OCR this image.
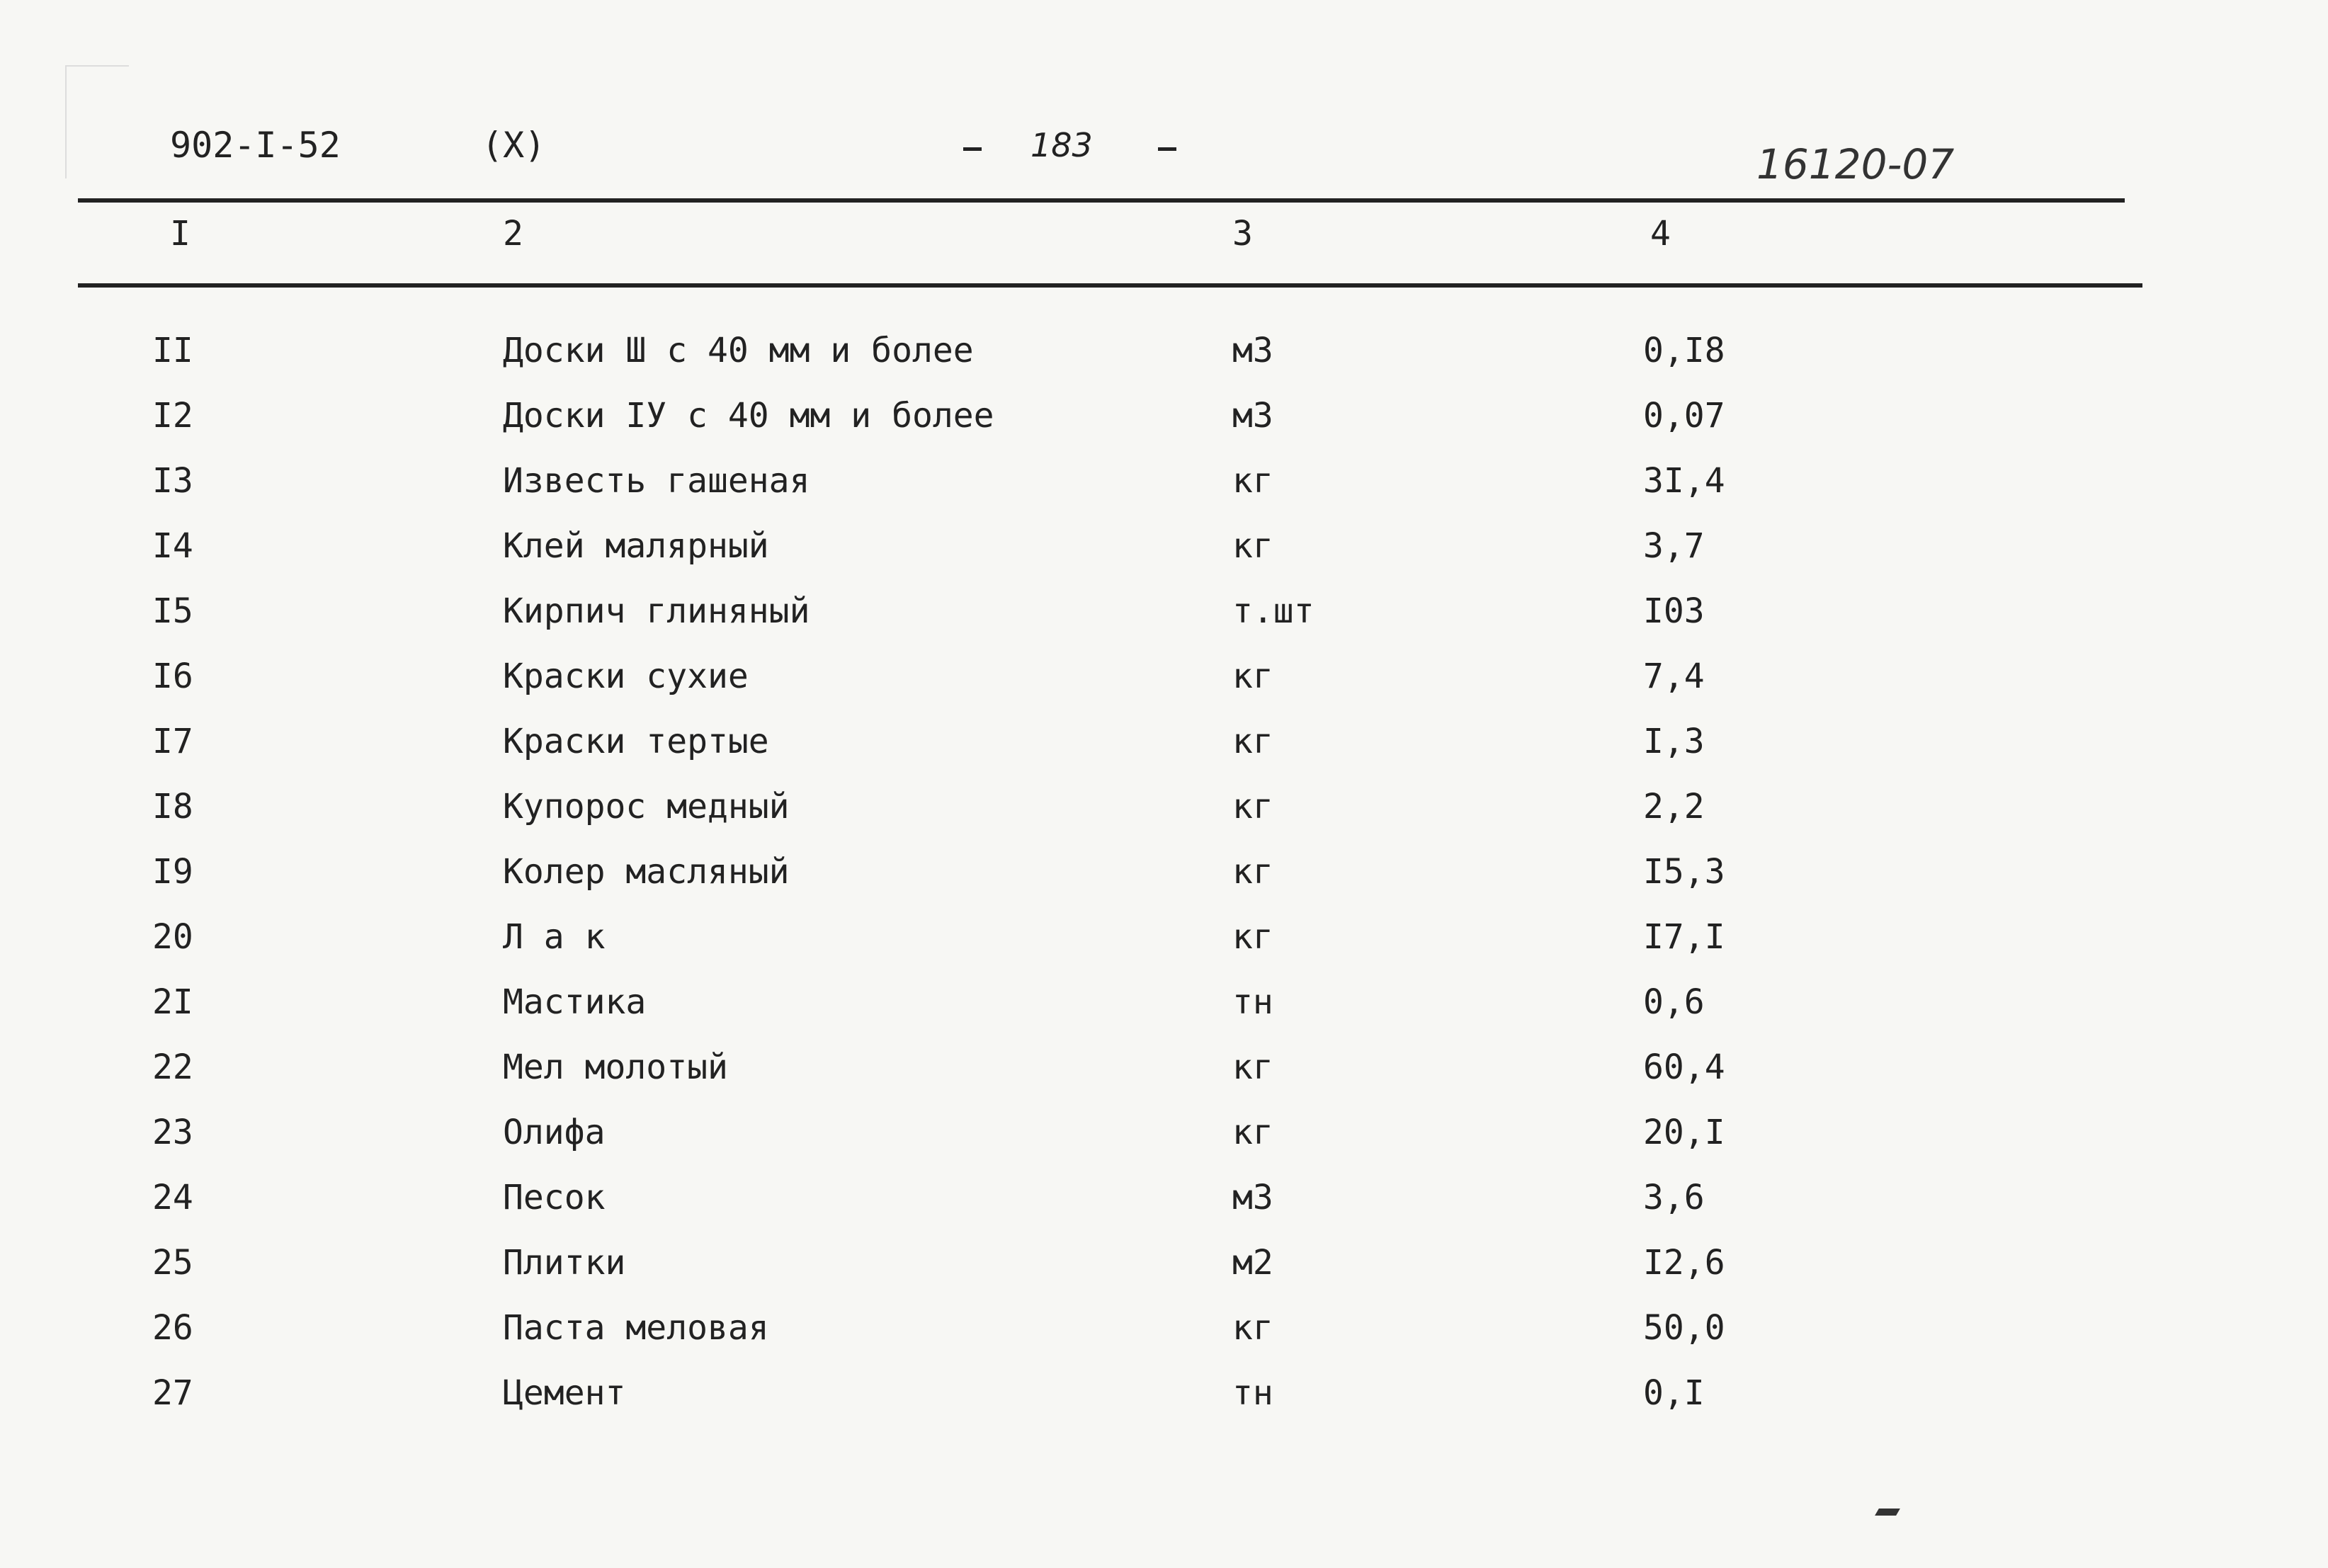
902-I-52	(X)	183	16120-07
I	2	3	4
II	Доски Ш с 40 мм и более	м3	0,I8
I2	Доски IУ с 40 мм и более	м3	0,07
I3	Известь гашеная	кг	3I,4
I4	Клей малярный	кг	3,7
I5	Кирпич глиняный	т.шт	I03
I6	Краски сухие	кг	7,4
I7	Краски тертые	кг	I,3
I8	Купорос медный	кг	2,2
I9	Колер масляный	кг	I5,3
20	Л а к	кг	I7,I
2I	Мастика	тн	0,6
22	Мел молотый	кг	60,4
23	Олифа	кг	20,I
24	Песок	м3	3,6
25	Плитки	м2	I2,6
26	Паста меловая	кг	50,0
27	Цемент	тн	0,I
